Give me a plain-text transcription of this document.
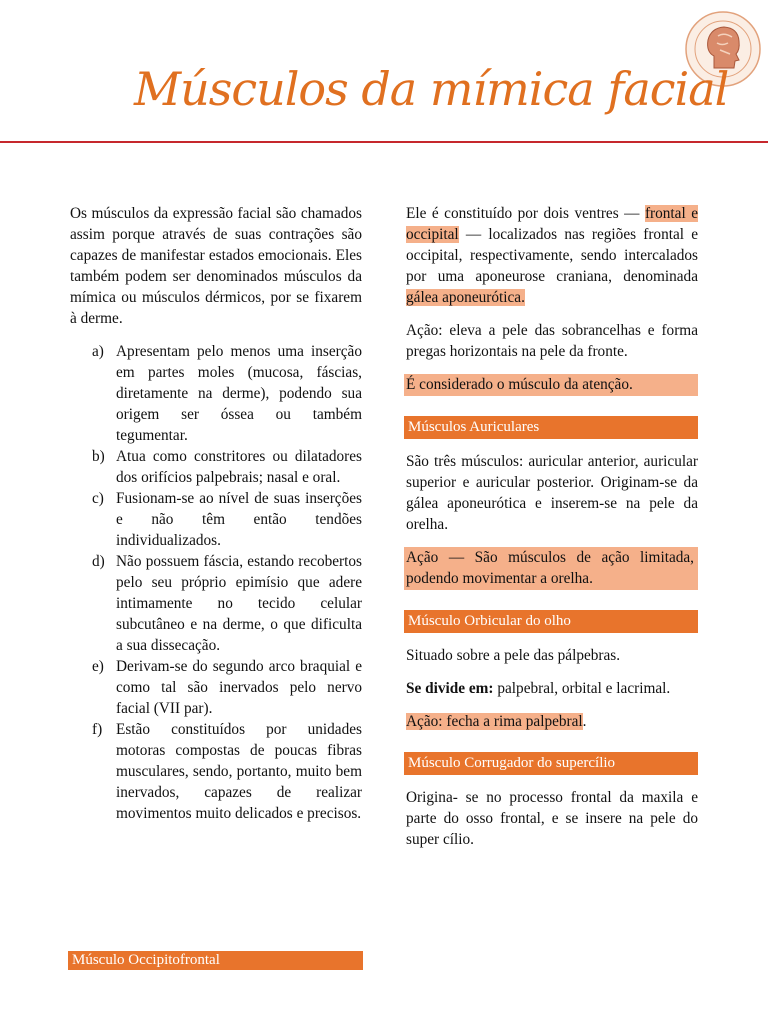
Músculos da mímica facial

Os músculos da expressão facial são chamados assim porque através de suas contrações são capazes de manifestar estados emocionais. Eles também podem ser denominados músculos da mímica ou músculos dérmicos, por se fixarem à derme.

a) Apresentam pelo menos uma inserção em partes moles (mucosa, fáscias, diretamente na derme), podendo sua origem ser óssea ou também tegumentar.
b) Atua como constritores ou dilatadores dos orifícios palpebrais; nasal e oral.
c) Fusionam-se ao nível de suas inserções e não têm então tendões individualizados.
d) Não possuem fáscia, estando recobertos pelo seu próprio epimísio que adere intimamente no tecido celular subcutâneo e na derme, o que dificulta a sua dissecação.
e) Derivam-se do segundo arco braquial e como tal são inervados pelo nervo facial (VII par).
f) Estão constituídos por unidades motoras compostas de poucas fibras musculares, sendo, portanto, muito bem inervados, capazes de realizar movimentos muito delicados e precisos.
Músculo Occipitofrontal

Ele é constituído por dois ventres — frontal e occipital — localizados nas regiões frontal e occipital, respectivamente, sendo intercalados por uma aponeurose craniana, denominada gálea aponeurótica.

Ação: eleva a pele das sobrancelhas e forma pregas horizontais na pele da fronte.

É considerado o músculo da atenção.

Músculos Auriculares

São três músculos: auricular anterior, auricular superior e auricular posterior. Originam-se da gálea aponeurótica e inserem-se na pele da orelha.

Ação — São músculos de ação limitada, podendo movimentar a orelha.

Músculo Orbicular do olho

Situado sobre a pele das pálpebras.

Se divide em: palpebral, orbital e lacrimal.

Ação: fecha a rima palpebral.

Músculo Corrugador do supercílio

Origina- se no processo frontal da maxila e parte do osso frontal, e se insere na pele do super cílio.
